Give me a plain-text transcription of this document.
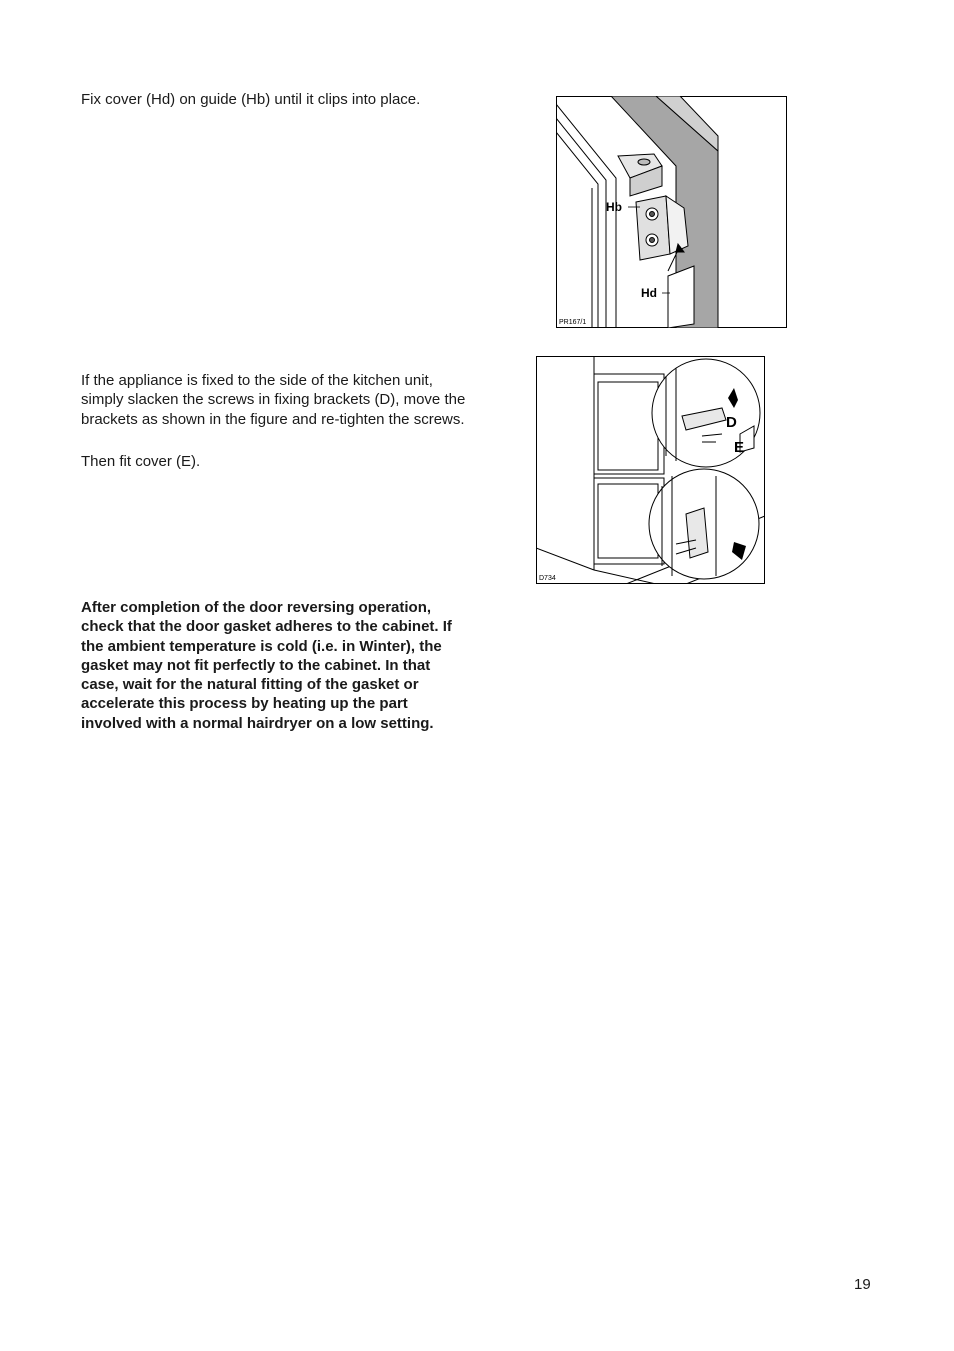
Fix cover (Hd) on guide (Hb) until it clips into place.

If the appliance is fixed to the side of the kitchen unit, simply slacken the screws in fixing brackets (D), move the brackets as shown in the figure and re-tighten the screws.

Then fit cover (E).

After completion of the door reversing operation, check that the door gasket adheres to the cabinet. If the ambient temperature is cold (i.e. in Winter), the gasket may not fit perfectly to the cabinet. In that case, wait for the natural fitting of the gasket or accelerate this process by heating up the part involved with a normal hairdryer on a low setting.

Hb
Hd
PR167/1
D
E
D734
19
